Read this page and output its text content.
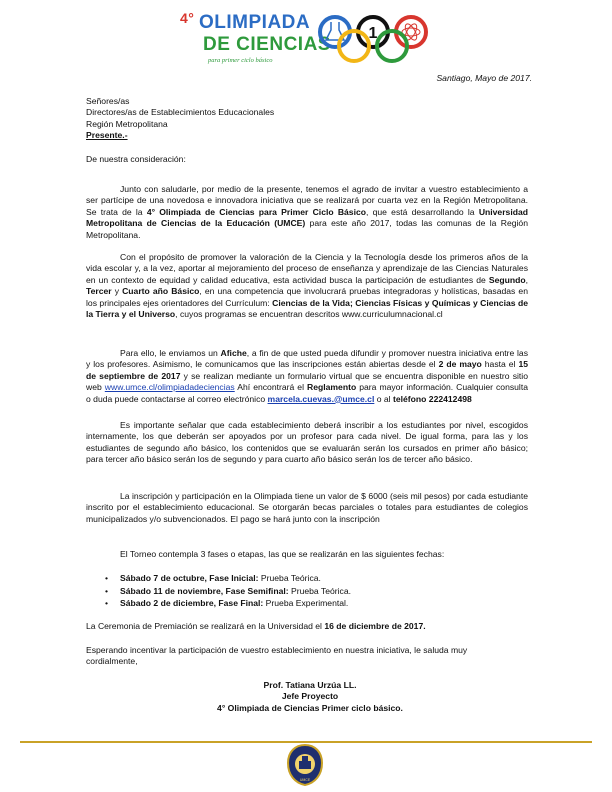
4° OLIMPIADA
DE CIENCIAS
para primer ciclo básico
1

Santiago, Mayo de 2017.

Señores/as

Directores/as de Establecimientos Educacionales

Región Metropolitana

Presente.-

De nuestra consideración:

Junto con saludarle, por medio de la presente, tenemos el agrado de invitar a vuestro establecimiento a ser partícipe de una novedosa e innovadora iniciativa que se realizará por cuarta vez en la Región Metropolitana. Se trata de la 4° Olimpiada de Ciencias para Primer Ciclo Básico, que está desarrollando la Universidad Metropolitana de Ciencias de la Educación (UMCE) para este año 2017, todas las comunas de la Región Metropolitana.

Con el propósito de promover la valoración de la Ciencia y la Tecnología desde los primeros años de la vida escolar y, a la vez, aportar al mejoramiento del proceso de enseñanza y aprendizaje de las Ciencias Naturales en un contexto de equidad y calidad educativa, esta actividad busca la participación de estudiantes de Segundo, Tercer y Cuarto año Básico, en una competencia que involucrará pruebas integradoras y holísticas, basadas en los principales ejes orientadores del Currículum: Ciencias de la Vida; Ciencias Físicas y Químicas y Ciencias de la Tierra y el Universo, cuyos programas se encuentran descritos www.curriculumnacional.cl

Para ello, le enviamos un Afiche, a fin de que usted pueda difundir y promover nuestra iniciativa entre las y los profesores. Asimismo, le comunicamos que las inscripciones están abiertas desde el 2 de mayo hasta el 15 de septiembre de 2017 y se realizan mediante un formulario virtual que se encuentra disponible en nuestro sitio web www.umce.cl/olimpiadadeciencias Ahí encontrará el Reglamento para mayor información. Cualquier consulta o duda puede contactarse al correo electrónico marcela.cuevas.@umce.cl o al teléfono 222412498

Es importante señalar que cada establecimiento deberá inscribir a los estudiantes por nivel, escogidos internamente, los que deberán ser apoyados por un profesor para cada nivel. De igual forma, para las y los estudiantes de segundo año básico, los contenidos que se evaluarán serán los cursados en primer año básico; para tercer año básico serán los de segundo y para cuarto año básico serán los de tercer año básico.

La inscripción y participación en la Olimpiada tiene un valor de $ 6000 (seis mil pesos) por cada estudiante inscrito por el establecimiento educacional. Se otorgarán becas parciales o totales para estudiantes de colegios municipalizados y/o subvencionados. El pago se hará junto con la inscripción

El Torneo contempla 3 fases o etapas, las que se realizarán en las siguientes fechas:

• Sábado 7 de octubre, Fase Inicial: Prueba Teórica.
• Sábado 11 de noviembre, Fase Semifinal: Prueba Teórica.
• Sábado 2 de diciembre, Fase Final: Prueba Experimental.

La Ceremonia de Premiación se realizará en la Universidad el 16 de diciembre de 2017.

Esperando incentivar la participación de vuestro establecimiento en nuestra iniciativa, le saluda muy cordialmente,

Prof. Tatiana Urzúa LL.

Jefe Proyecto

4° Olimpiada de Ciencias Primer ciclo básico.

UMCE
